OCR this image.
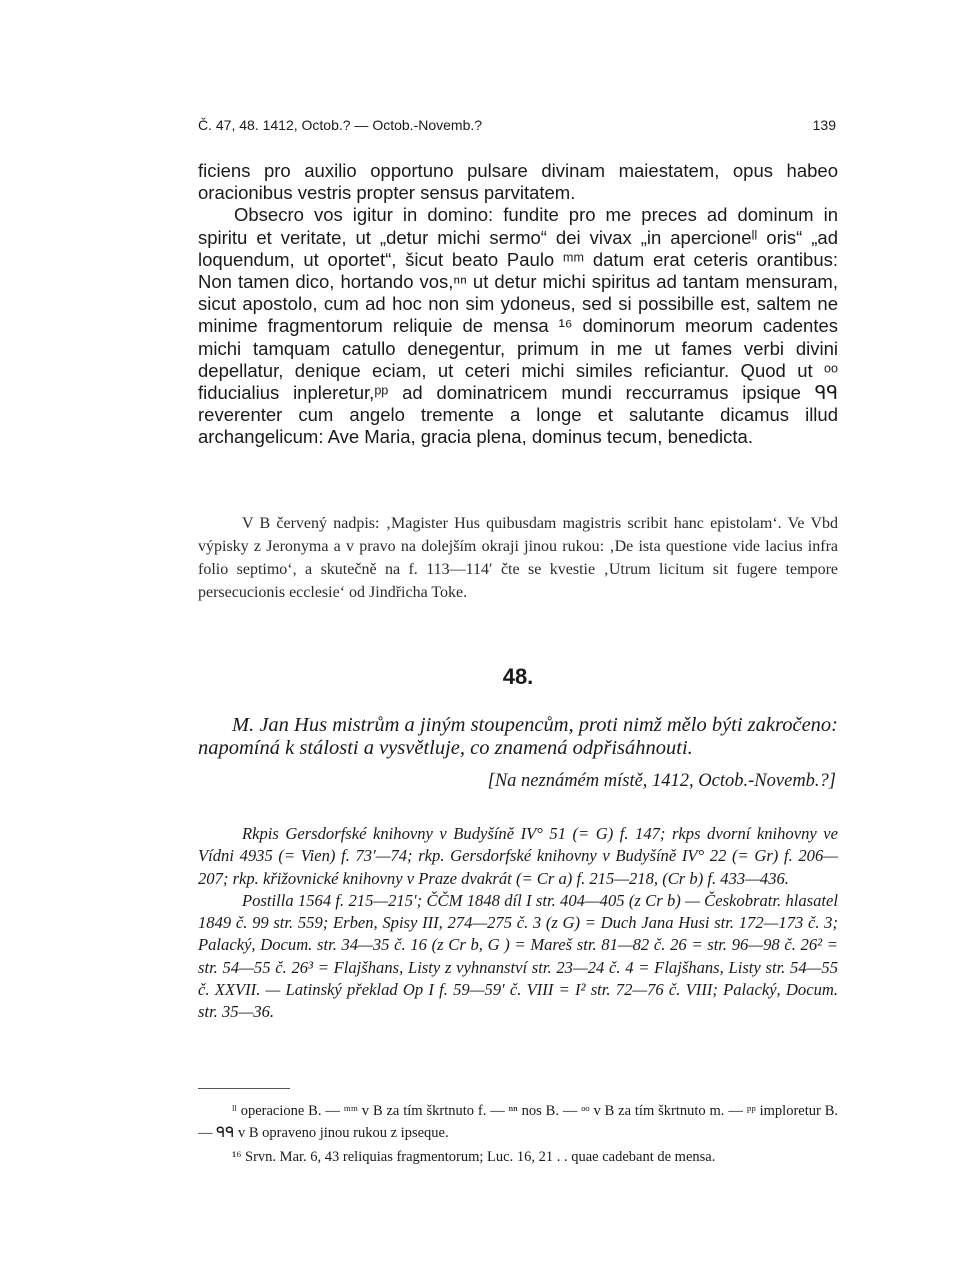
Č. 47, 48. 1412, Octob.? — Octob.-Novemb.?	139

ficiens pro auxilio opportuno pulsare divinam maiestatem, opus habeo oracionibus vestris propter sensus parvitatem.

Obsecro vos igitur in domino: fundite pro me preces ad dominum in spiritu et veritate, ut „detur michi sermo“ dei vivax „in apercioneˡˡ oris“ „ad loquendum, ut oportet“, šicut beato Paulo ᵐᵐ datum erat ceteris orantibus: Non tamen dico, hortando vos,ⁿⁿ ut detur michi spiritus ad tantam mensuram, sicut apostolo, cum ad hoc non sim ydoneus, sed si possibille est, saltem ne minime fragmentorum reliquie de mensa ¹⁶ dominorum meorum cadentes michi tamquam catullo denegentur, primum in me ut fames verbi divini depellatur, denique eciam, ut ceteri michi similes reficiantur. Quod ut ᵒᵒ fiducialius inpleretur,ᵖᵖ ad dominatricem mundi reccurramus ipsique ᑫᑫ reverenter cum angelo tremente a longe et salutante dicamus illud archangelicum: Ave Maria, gracia plena, dominus tecum, benedicta.

V B červený nadpis: ‚Magister Hus quibusdam magistris scribit hanc epistolam‘. Ve Vbd výpisky z Jeronyma a v pravo na dolejším okraji jinou rukou: ‚De ista questione vide lacius infra folio septimo‘, a skutečně na f. 113—114′ čte se kvestie ‚Utrum licitum sit fugere tempore persecucionis ecclesie‘ od Jindřicha Toke.
48.
M. Jan Hus mistrům a jiným stoupencům, proti nimž mělo býti zakročeno: napomíná k stálosti a vysvětluje, co znamená odpřisáhnouti.
[Na neznámém místě, 1412, Octob.-Novemb.?]

Rkpis Gersdorfské knihovny v Budyšíně IV° 51 (= G) f. 147; rkps dvorní knihovny ve Vídni 4935 (= Vien) f. 73′—74; rkp. Gersdorfské knihovny v Budyšíně IV° 22 (= Gr) f. 206—207; rkp. křižovnické knihovny v Praze dvakrát (= Cr a) f. 215—218, (Cr b) f. 433—436.

Postilla 1564 f. 215—215′; ČČM 1848 díl I str. 404—405 (z Cr b) — Českobratr. hlasatel 1849 č. 99 str. 559; Erben, Spisy III, 274—275 č. 3 (z G) = Duch Jana Husi str. 172—173 č. 3; Palacký, Docum. str. 34—35 č. 16 (z Cr b, G ) = Mareš str. 81—82 č. 26 = str. 96—98 č. 26² = str. 54—55 č. 26³ = Flajšhans, Listy z vyhnanství str. 23—24 č. 4 = Flajšhans, Listy str. 54—55 č. XXVII. — Latinský překlad Op I f. 59—59′ č. VIII = I² str. 72—76 č. VIII; Palacký, Docum. str. 35—36.

ˡˡ operacione B. — ᵐᵐ v B za tím škrtnuto f. — ⁿⁿ nos B. — ᵒᵒ v B za tím škrtnuto m. — ᵖᵖ imploretur B. — ᑫᑫ v B opraveno jinou rukou z ipseque.

¹⁶ Srvn. Mar. 6, 43 reliquias fragmentorum; Luc. 16, 21 . . quae cadebant de mensa.
